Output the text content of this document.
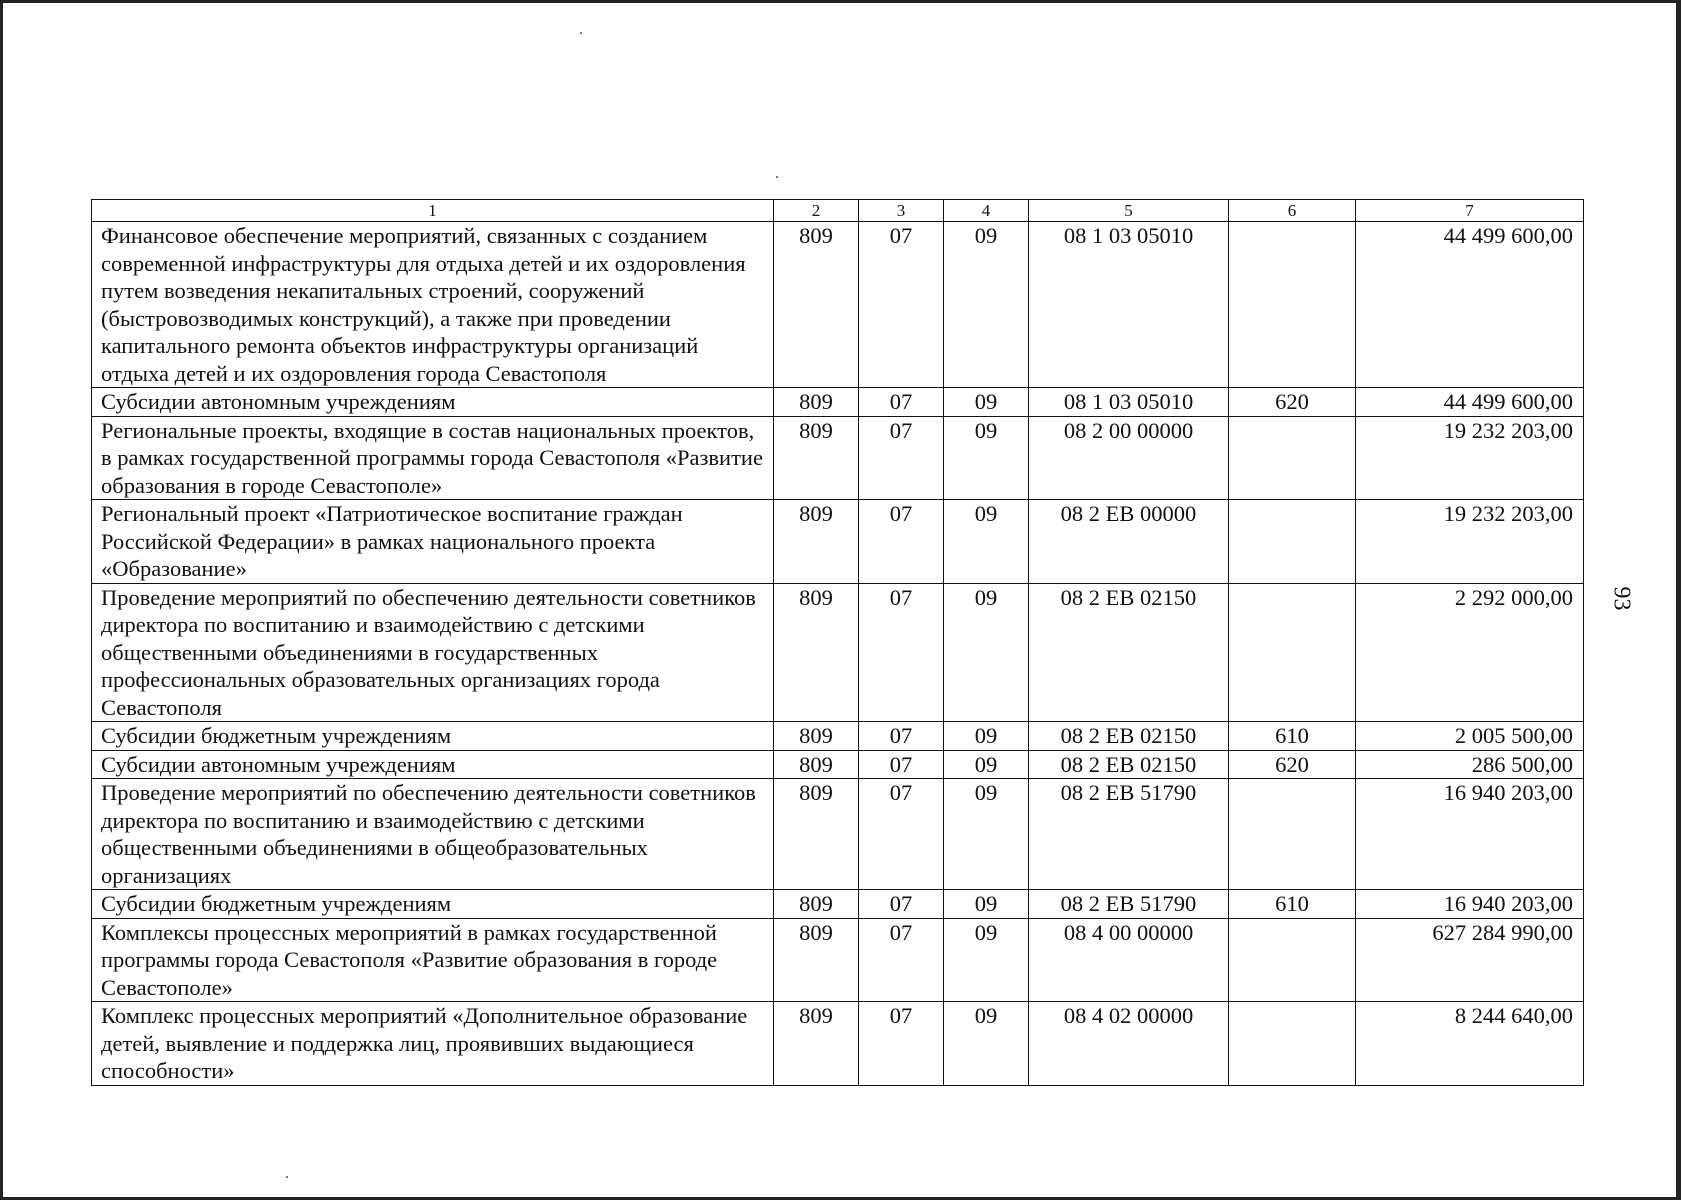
1	2	3	4	5	6	7
Финансовое обеспечение мероприятий, связанных с созданием современной инфраструктуры для отдыха детей и их оздоровления путем возведения некапитальных строений, сооружений (быстровозводимых конструкций), а также при проведении капитального ремонта объектов инфраструктуры организаций отдыха детей и их оздоровления города Севастополя	809	07	09	08 1 03 05010		44 499 600,00
Субсидии автономным учреждениям	809	07	09	08 1 03 05010	620	44 499 600,00
Региональные проекты, входящие в состав национальных проектов, в рамках государственной программы города Севастополя «Развитие образования в городе Севастополе»	809	07	09	08 2 00 00000		19 232 203,00
Региональный проект «Патриотическое воспитание граждан Российской Федерации» в рамках национального проекта «Образование»	809	07	09	08 2 ЕВ 00000		19 232 203,00
Проведение мероприятий по обеспечению деятельности советников директора по воспитанию и взаимодействию с детскими общественными объединениями в государственных профессиональных образовательных организациях города Севастополя	809	07	09	08 2 ЕВ 02150		2 292 000,00
Субсидии бюджетным учреждениям	809	07	09	08 2 ЕВ 02150	610	2 005 500,00
Субсидии автономным учреждениям	809	07	09	08 2 ЕВ 02150	620	286 500,00
Проведение мероприятий по обеспечению деятельности советников директора по воспитанию и взаимодействию с детскими общественными объединениями в общеобразовательных организациях	809	07	09	08 2 ЕВ 51790		16 940 203,00
Субсидии бюджетным учреждениям	809	07	09	08 2 ЕВ 51790	610	16 940 203,00
Комплексы процессных мероприятий в рамках государственной программы города Севастополя «Развитие образования в городе Севастополе»	809	07	09	08 4 00 00000		627 284 990,00
Комплекс процессных мероприятий «Дополнительное образование детей, выявление и поддержка лиц, проявивших выдающиеся способности»	809	07	09	08 4 02 00000		8 244 640,00
93
